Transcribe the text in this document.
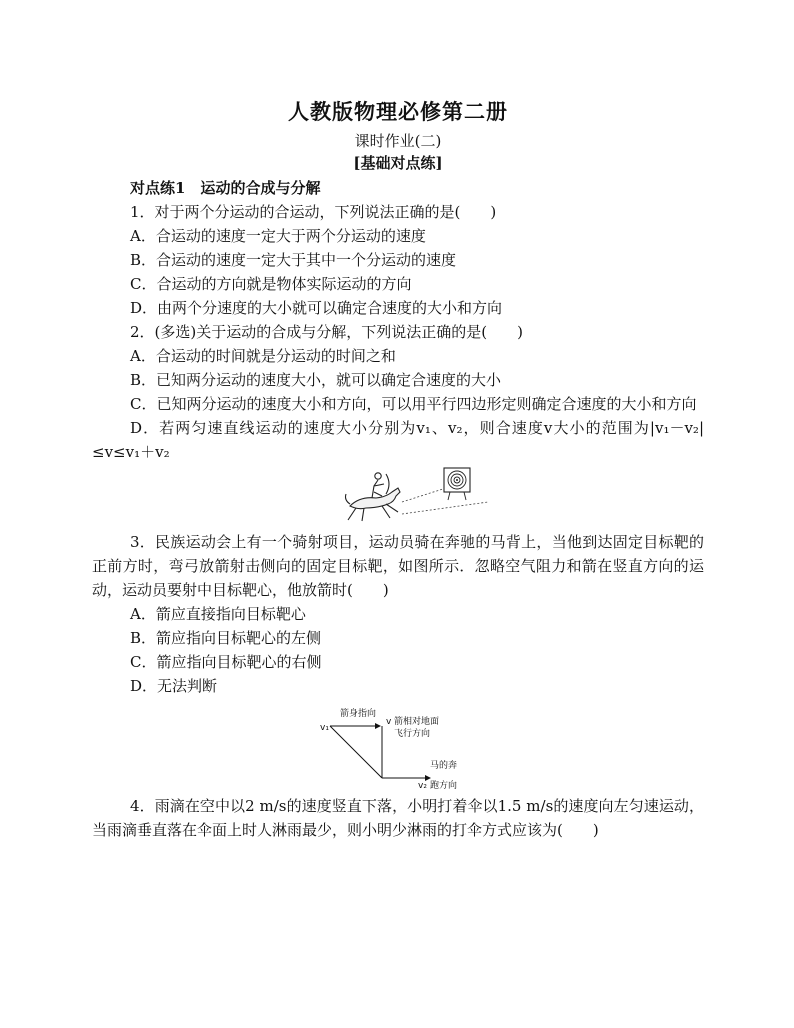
人教版物理必修第二册

课时作业(二)

[基础对点练]

对点练1　运动的合成与分解

1．对于两个分运动的合运动，下列说法正确的是(　　)

A．合运动的速度一定大于两个分运动的速度

B．合运动的速度一定大于其中一个分运动的速度

C．合运动的方向就是物体实际运动的方向

D．由两个分速度的大小就可以确定合速度的大小和方向

2．(多选)关于运动的合成与分解，下列说法正确的是(　　)

A．合运动的时间就是分运动的时间之和

B．已知两分运动的速度大小，就可以确定合速度的大小

C．已知两分运动的速度大小和方向，可以用平行四边形定则确定合速度的大小和方向

D．若两匀速直线运动的速度大小分别为v₁、v₂，则合速度v大小的范围为|v₁－v₂|≤v≤v₁＋v₂

3．民族运动会上有一个骑射项目，运动员骑在奔驰的马背上，当他到达固定目标靶的正前方时，弯弓放箭射击侧向的固定目标靶，如图所示．忽略空气阻力和箭在竖直方向的运动，运动员要射中目标靶心，他放箭时(　　)

A．箭应直接指向目标靶心

B．箭应指向目标靶心的左侧

C．箭应指向目标靶心的右侧

D．无法判断

箭身指向
v₁
v 箭相对地面
飞行方向
马的奔
跑方向
v₂

4．雨滴在空中以2 m/s的速度竖直下落，小明打着伞以1.5 m/s的速度向左匀速运动，当雨滴垂直落在伞面上时人淋雨最少，则小明少淋雨的打伞方式应该为(　　)
